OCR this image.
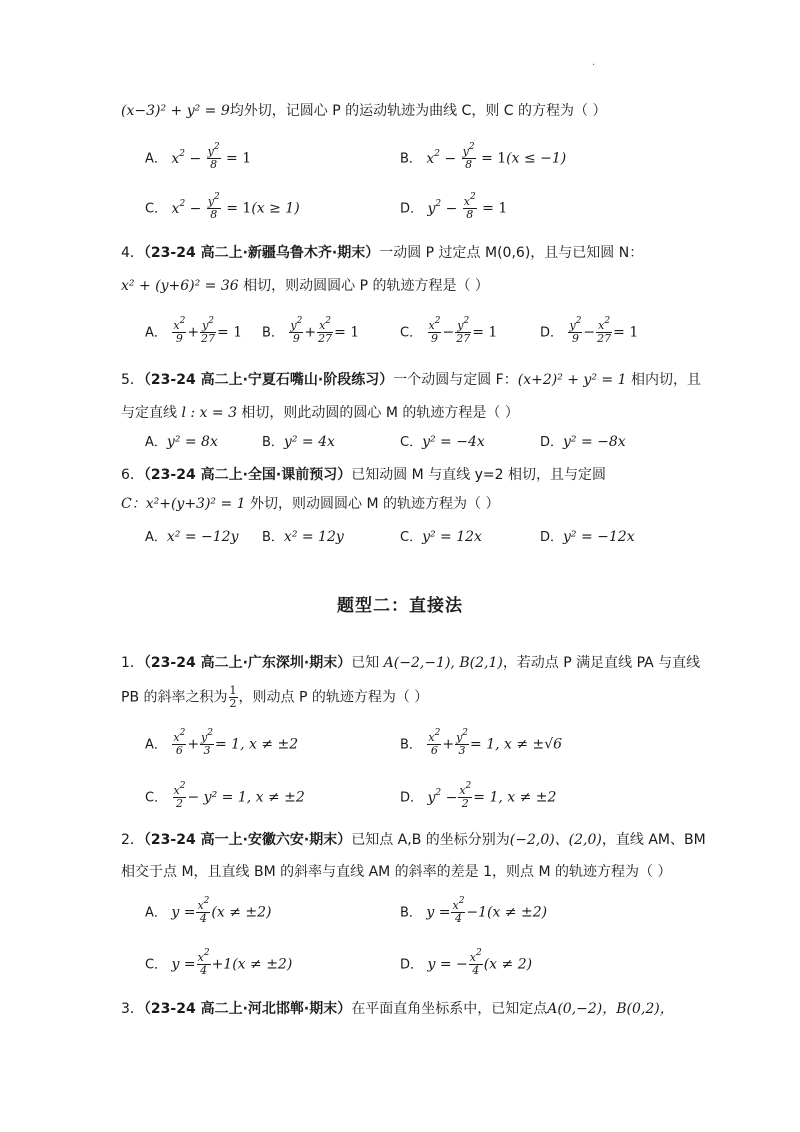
·
(x−3)² + y² = 9均外切，记圆心 P 的运动轨迹为曲线 C，则 C 的方程为（ ）
A． $x^2 - \frac{y^2}{8} = 1$	B． $x^2 - \frac{y^2}{8} = 1(x \le -1)$
C． $x^2 - \frac{y^2}{8} = 1(x \ge 1)$	D． $y^2 - \frac{x^2}{8} = 1$
4．（23-24 高二上·新疆乌鲁木齐·期末）一动圆 P 过定点 M(0,6)，且与已知圆 N：
x² + (y+6)² = 36 相切，则动圆圆心 P 的轨迹方程是（ ）
A． $\frac{x^2}{9} + \frac{y^2}{27} = 1$ B． $\frac{y^2}{9} + \frac{x^2}{27} = 1$	C． $\frac{x^2}{9} - \frac{y^2}{27} = 1$	D． $\frac{y^2}{9} - \frac{x^2}{27} = 1$
5．（23-24 高二上·宁夏石嘴山·阶段练习）一个动圆与定圆 F：(x+2)² + y² = 1 相内切，且
与定直线 l : x = 3 相切，则此动圆的圆心 M 的轨迹方程是（ ）
A．y² = 8x	B．y² = 4x	C．y² = −4x	D．y² = −8x
6．（23-24 高二上·全国·课前预习）已知动圆 M 与直线 y=2 相切，且与定圆
C：x²+(y+3)² = 1 外切，则动圆圆心 M 的轨迹方程为（ ）
A．x² = −12y B．x² = 12y	C．y² = 12x	D．y² = −12x
题型二：直接法
1．（23-24 高二上·广东深圳·期末）已知 A(−2,−1), B(2,1)，若动点 P 满足直线 PA 与直线
PB 的斜率之积为 $\frac{1}{2}$ ，则动点 P 的轨迹方程为（ ）
A． $\frac{x^2}{6} + \frac{y^2}{3} = 1$, x ≠ ±2	B． $\frac{x^2}{6} + \frac{y^2}{3} = 1$, x ≠ ±√6
C． $\frac{x^2}{2} - y^2 = 1$, x ≠ ±2	D． $y^2 - \frac{x^2}{2} = 1$, x ≠ ±2
2．（23-24 高一上·安徽六安·期末）已知点 A,B 的坐标分别为(−2,0)、(2,0)，直线 AM、BM
相交于点 M，且直线 BM 的斜率与直线 AM 的斜率的差是 1，则点 M 的轨迹方程为（ ）
A． $y = \frac{x^2}{4} (x \ne \pm 2)$	B． $y = \frac{x^2}{4} -1(x \ne \pm 2)$
C． $y = \frac{x^2}{4} +1(x \ne \pm 2)$	D． y = − $\frac{x^2}{4} (x \ne 2)$
3．（23-24 高二上·河北邯郸·期末）在平面直角坐标系中，已知定点A(0,−2)，B(0,2)，
